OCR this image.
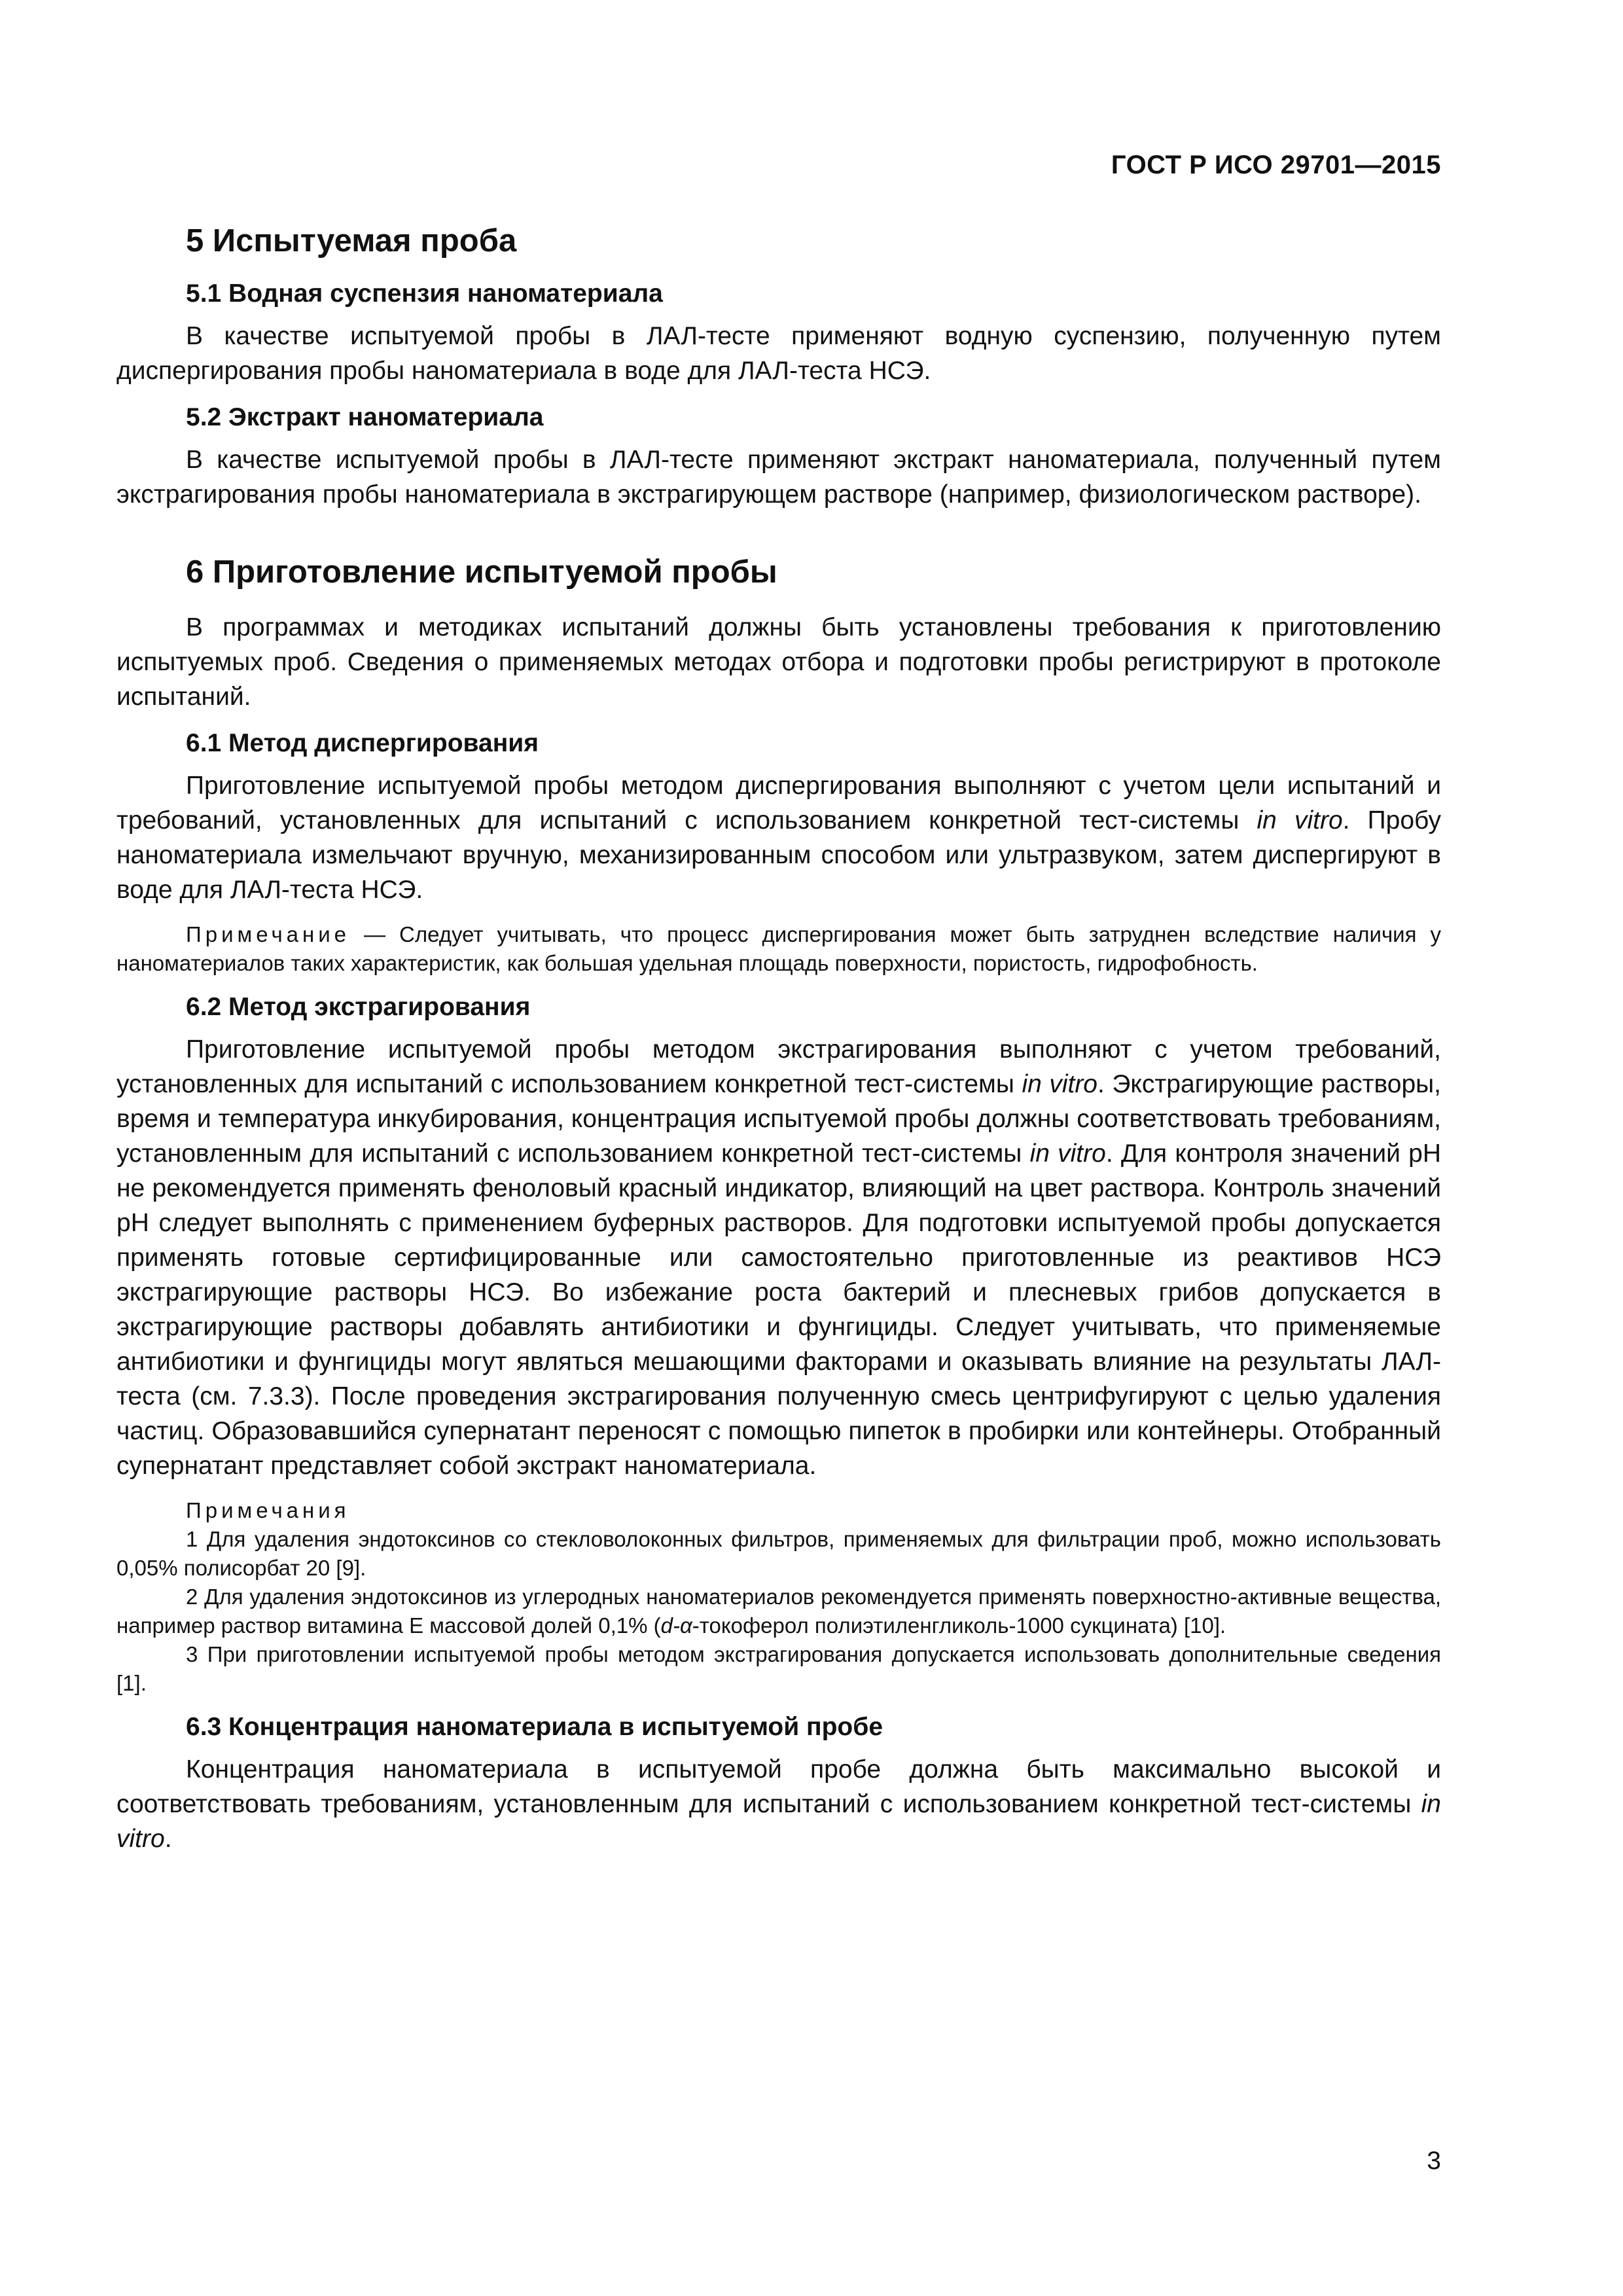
ГОСТ Р ИСО 29701—2015

5 Испытуемая проба
5.1 Водная суспензия наноматериала

В качестве испытуемой пробы в ЛАЛ-тесте применяют водную суспензию, полученную путем диспергирования пробы наноматериала в воде для ЛАЛ-теста НСЭ.

5.2 Экстракт наноматериала

В качестве испытуемой пробы в ЛАЛ-тесте применяют экстракт наноматериала, полученный путем экстрагирования пробы наноматериала в экстрагирующем растворе (например, физиологическом растворе).

6 Приготовление испытуемой пробы

В программах и методиках испытаний должны быть установлены требования к приготовлению испытуемых проб. Сведения о применяемых методах отбора и подготовки пробы регистрируют в протоколе испытаний.

6.1 Метод диспергирования

Приготовление испытуемой пробы методом диспергирования выполняют с учетом цели испытаний и требований, установленных для испытаний с использованием конкретной тест-системы in vitro. Пробу наноматериала измельчают вручную, механизированным способом или ультразвуком, затем диспергируют в воде для ЛАЛ-теста НСЭ.

Примечание — Следует учитывать, что процесс диспергирования может быть затруднен вследствие наличия у наноматериалов таких характеристик, как большая удельная площадь поверхности, пористость, гидрофобность.

6.2 Метод экстрагирования

Приготовление испытуемой пробы методом экстрагирования выполняют с учетом требований, установленных для испытаний с использованием конкретной тест-системы in vitro. Экстрагирующие растворы, время и температура инкубирования, концентрация испытуемой пробы должны соответствовать требованиям, установленным для испытаний с использованием конкретной тест-системы in vitro. Для контроля значений pH не рекомендуется применять феноловый красный индикатор, влияющий на цвет раствора. Контроль значений pH следует выполнять с применением буферных растворов. Для подготовки испытуемой пробы допускается применять готовые сертифицированные или самостоятельно приготовленные из реактивов НСЭ экстрагирующие растворы НСЭ. Во избежание роста бактерий и плесневых грибов допускается в экстрагирующие растворы добавлять антибиотики и фунгициды. Следует учитывать, что применяемые антибиотики и фунгициды могут являться мешающими факторами и оказывать влияние на результаты ЛАЛ-теста (см. 7.3.3). После проведения экстрагирования полученную смесь центрифугируют с целью удаления частиц. Образовавшийся супернатант переносят с помощью пипеток в пробирки или контейнеры. Отобранный супернатант представляет собой экстракт наноматериала.

Примечания

1 Для удаления эндотоксинов со стекловолоконных фильтров, применяемых для фильтрации проб, можно использовать 0,05% полисорбат 20 [9].

2 Для удаления эндотоксинов из углеродных наноматериалов рекомендуется применять поверхностно-активные вещества, например раствор витамина Е массовой долей 0,1% (d-α-токоферол полиэтиленгликоль-1000 сукцината) [10].

3 При приготовлении испытуемой пробы методом экстрагирования допускается использовать дополнительные сведения [1].

6.3 Концентрация наноматериала в испытуемой пробе

Концентрация наноматериала в испытуемой пробе должна быть максимально высокой и соответствовать требованиям, установленным для испытаний с использованием конкретной тест-системы in vitro.

3
